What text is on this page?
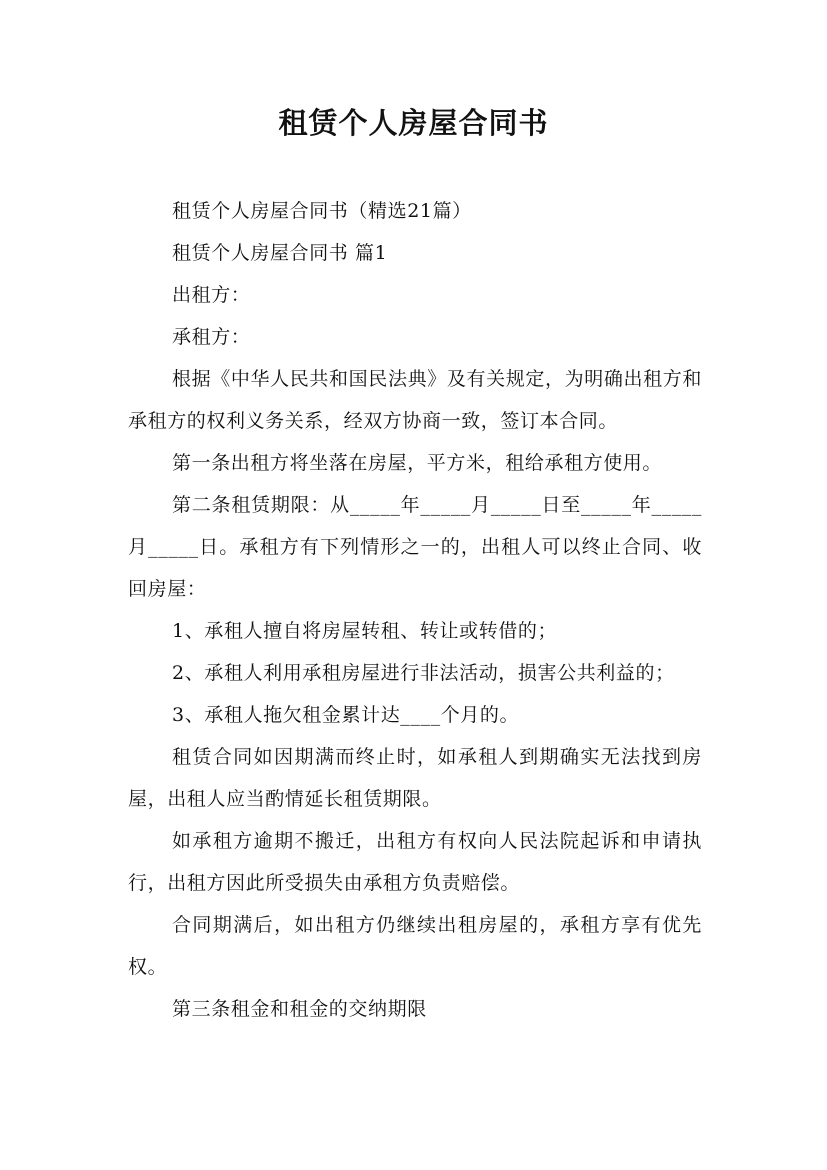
租赁个人房屋合同书

租赁个人房屋合同书（精选21篇）

租赁个人房屋合同书 篇1

出租方：

承租方：

根据《中华人民共和国民法典》及有关规定，为明确出租方和承租方的权利义务关系，经双方协商一致，签订本合同。

第一条出租方将坐落在房屋，平方米，租给承租方使用。

第二条租赁期限：从_____年_____月_____日至_____年_____月_____日。承租方有下列情形之一的，出租人可以终止合同、收回房屋：

1、承租人擅自将房屋转租、转让或转借的；

2、承租人利用承租房屋进行非法活动，损害公共利益的；

3、承租人拖欠租金累计达____个月的。

租赁合同如因期满而终止时，如承租人到期确实无法找到房屋，出租人应当酌情延长租赁期限。

如承租方逾期不搬迁，出租方有权向人民法院起诉和申请执行，出租方因此所受损失由承租方负责赔偿。

合同期满后，如出租方仍继续出租房屋的，承租方享有优先权。

第三条租金和租金的交纳期限
